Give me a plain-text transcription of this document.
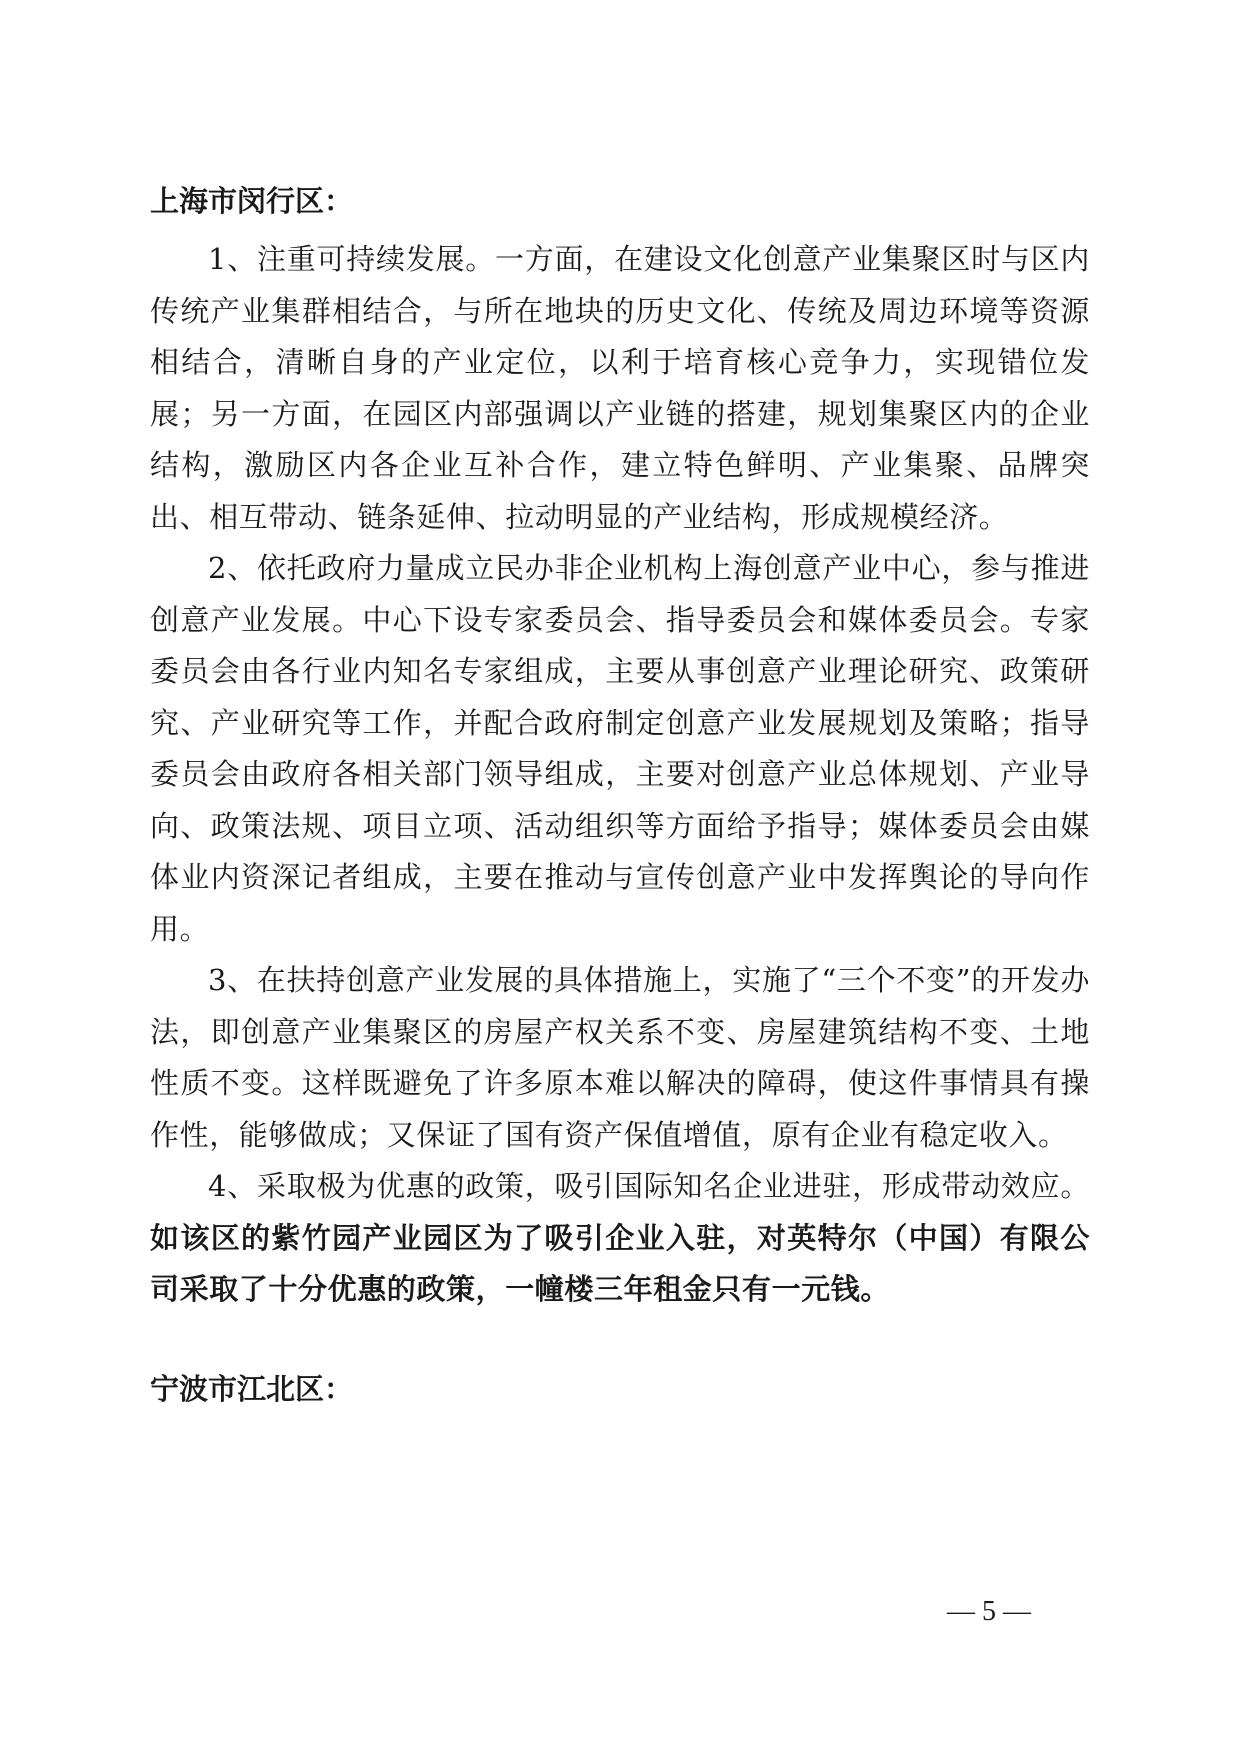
上海市闵行区：

1、注重可持续发展。一方面，在建设文化创意产业集聚区时与区内传统产业集群相结合，与所在地块的历史文化、传统及周边环境等资源相结合，清晰自身的产业定位，以利于培育核心竞争力，实现错位发展；另一方面，在园区内部强调以产业链的搭建，规划集聚区内的企业结构，激励区内各企业互补合作，建立特色鲜明、产业集聚、品牌突出、相互带动、链条延伸、拉动明显的产业结构，形成规模经济。

2、依托政府力量成立民办非企业机构上海创意产业中心，参与推进创意产业发展。中心下设专家委员会、指导委员会和媒体委员会。专家委员会由各行业内知名专家组成，主要从事创意产业理论研究、政策研究、产业研究等工作，并配合政府制定创意产业发展规划及策略；指导委员会由政府各相关部门领导组成，主要对创意产业总体规划、产业导向、政策法规、项目立项、活动组织等方面给予指导；媒体委员会由媒体业内资深记者组成，主要在推动与宣传创意产业中发挥舆论的导向作用。

3、在扶持创意产业发展的具体措施上，实施了“三个不变”的开发办法，即创意产业集聚区的房屋产权关系不变、房屋建筑结构不变、土地性质不变。这样既避免了许多原本难以解决的障碍，使这件事情具有操作性，能够做成；又保证了国有资产保值增值，原有企业有稳定收入。

4、采取极为优惠的政策，吸引国际知名企业进驻，形成带动效应。如该区的紫竹园产业园区为了吸引企业入驻，对英特尔（中国）有限公司采取了十分优惠的政策，一幢楼三年租金只有一元钱。

宁波市江北区：
— 5 —
